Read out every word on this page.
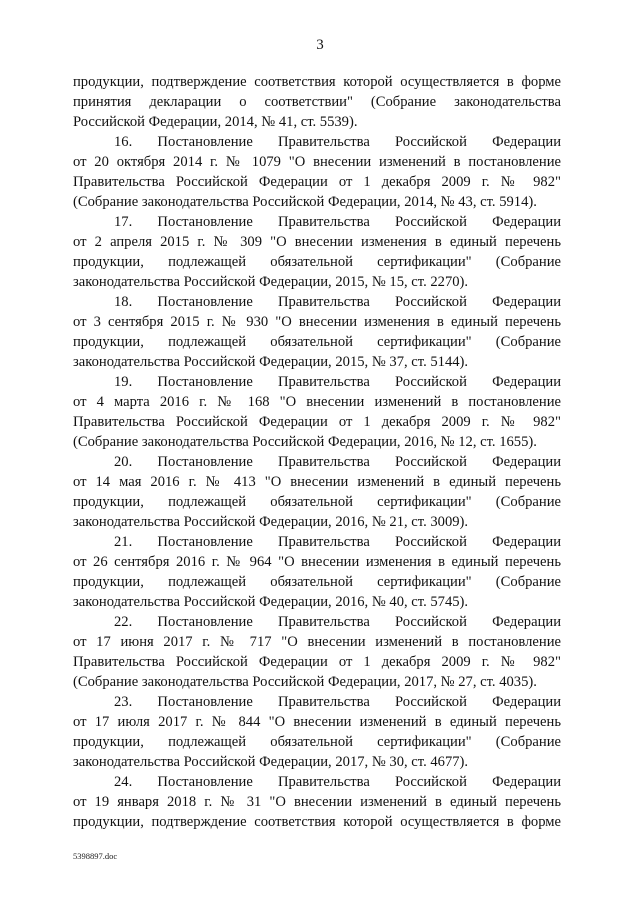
3
продукции, подтверждение соответствия которой осуществляется в форме
принятия декларации о соответствии" (Собрание законодательства
Российской Федерации, 2014, № 41, ст. 5539).
16. Постановление Правительства Российской Федерации
от 20 октября 2014 г. № 1079 "О внесении изменений в постановление
Правительства Российской Федерации от 1 декабря 2009 г. № 982"
(Собрание законодательства Российской Федерации, 2014, № 43, ст. 5914).
17. Постановление Правительства Российской Федерации
от 2 апреля 2015 г. № 309 "О внесении изменения в единый перечень
продукции, подлежащей обязательной сертификации" (Собрание
законодательства Российской Федерации, 2015, № 15, ст. 2270).
18. Постановление Правительства Российской Федерации
от 3 сентября 2015 г. № 930 "О внесении изменения в единый перечень
продукции, подлежащей обязательной сертификации" (Собрание
законодательства Российской Федерации, 2015, № 37, ст. 5144).
19. Постановление Правительства Российской Федерации
от 4 марта 2016 г. № 168 "О внесении изменений в постановление
Правительства Российской Федерации от 1 декабря 2009 г. № 982"
(Собрание законодательства Российской Федерации, 2016, № 12, ст. 1655).
20. Постановление Правительства Российской Федерации
от 14 мая 2016 г. № 413 "О внесении изменений в единый перечень
продукции, подлежащей обязательной сертификации" (Собрание
законодательства Российской Федерации, 2016, № 21, ст. 3009).
21. Постановление Правительства Российской Федерации
от 26 сентября 2016 г. № 964 "О внесении изменения в единый перечень
продукции, подлежащей обязательной сертификации" (Собрание
законодательства Российской Федерации, 2016, № 40, ст. 5745).
22. Постановление Правительства Российской Федерации
от 17 июня 2017 г. № 717 "О внесении изменений в постановление
Правительства Российской Федерации от 1 декабря 2009 г. № 982"
(Собрание законодательства Российской Федерации, 2017, № 27, ст. 4035).
23. Постановление Правительства Российской Федерации
от 17 июля 2017 г. № 844 "О внесении изменений в единый перечень
продукции, подлежащей обязательной сертификации" (Собрание
законодательства Российской Федерации, 2017, № 30, ст. 4677).
24. Постановление Правительства Российской Федерации
от 19 января 2018 г. № 31 "О внесении изменений в единый перечень
продукции, подтверждение соответствия которой осуществляется в форме
5398897.doc
